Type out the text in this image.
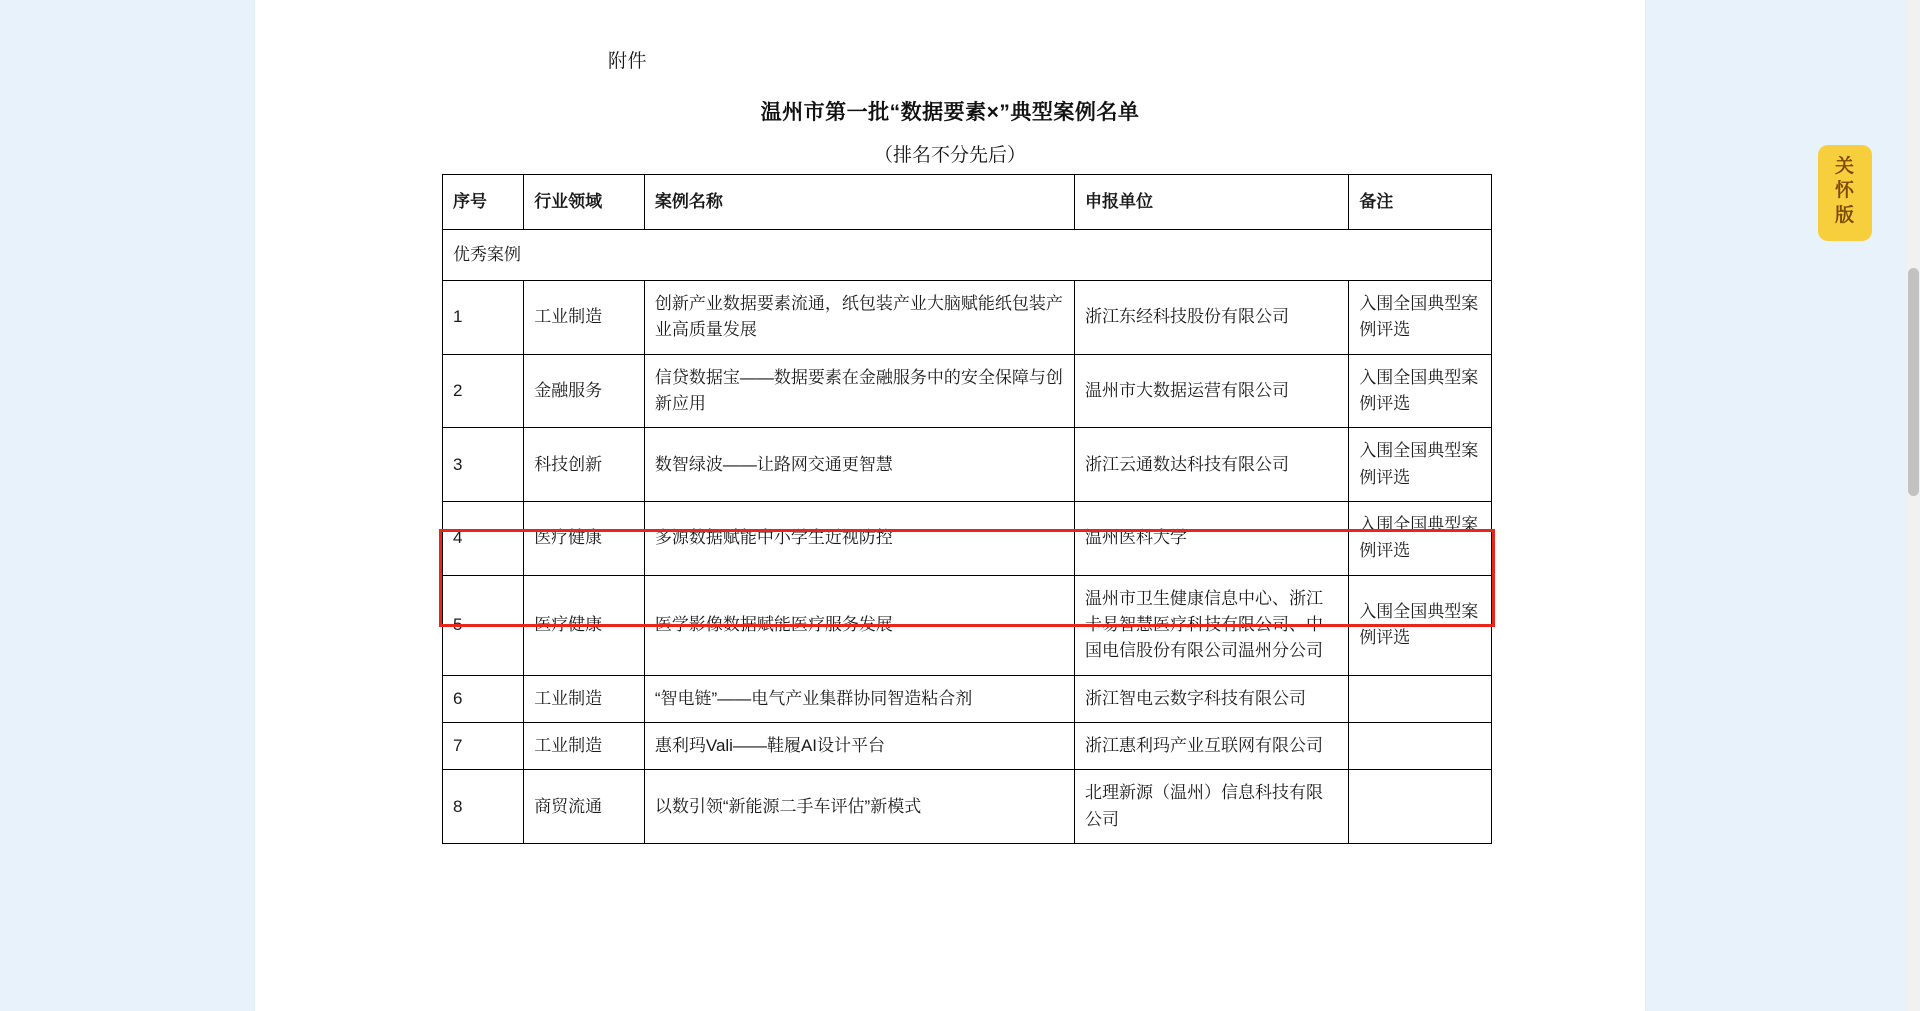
附件
温州市第一批“数据要素×”典型案例名单
（排名不分先后）
序号	行业领域	案例名称	申报单位	备注
优秀案例				
1	工业制造	创新产业数据要素流通，纸包装产业大脑赋能纸包装产业高质量发展	浙江东经科技股份有限公司	入围全国典型案例评选
2	金融服务	信贷数据宝——数据要素在金融服务中的安全保障与创新应用	温州市大数据运营有限公司	入围全国典型案例评选
3	科技创新	数智绿波——让路网交通更智慧	浙江云通数达科技有限公司	入围全国典型案例评选
4	医疗健康	多源数据赋能中小学生近视防控	温州医科大学	入围全国典型案例评选
5	医疗健康	医学影像数据赋能医疗服务发展	温州市卫生健康信息中心、浙江卡易智慧医疗科技有限公司、中国电信股份有限公司温州分公司	入围全国典型案例评选
6	工业制造	“智电链”——电气产业集群协同智造粘合剂	浙江智电云数字科技有限公司	
7	工业制造	惠利玛Vali——鞋履AI设计平台	浙江惠利玛产业互联网有限公司	
8	商贸流通	以数引领“新能源二手车评估”新模式	北理新源（温州）信息科技有限公司	
关
怀
版
